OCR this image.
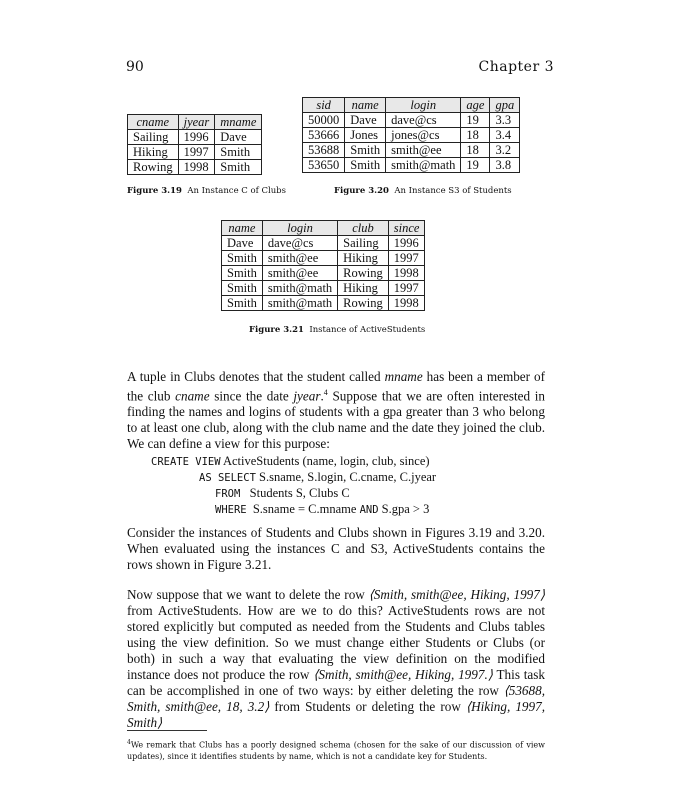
90	Chapter 3
cname	jyear	mname
Sailing	1996	Dave
Hiking	1997	Smith
Rowing	1998	Smith
Figure 3.19 An Instance C of Clubs
sid	name	login	age	gpa
50000	Dave	dave@cs	19	3.3
53666	Jones	jones@cs	18	3.4
53688	Smith	smith@ee	18	3.2
53650	Smith	smith@math	19	3.8
Figure 3.20 An Instance S3 of Students
name	login	club	since
Dave	dave@cs	Sailing	1996
Smith	smith@ee	Hiking	1997
Smith	smith@ee	Rowing	1998
Smith	smith@math	Hiking	1997
Smith	smith@math	Rowing	1998
Figure 3.21 Instance of ActiveStudents
A tuple in Clubs denotes that the student called mname has been a member of the club cname since the date jyear.$^4$ Suppose that we are often interested in finding the names and logins of students with a gpa greater than 3 who belong to at least one club, along with the club name and the date they joined the club. We can define a view for this purpose:
CREATE VIEW ActiveStudents (name, login, club, since)
AS SELECT S.sname, S.login, C.cname, C.jyear
FROM   Students S, Clubs C
WHERE  S.sname = C.mname AND S.gpa > 3
Consider the instances of Students and Clubs shown in Figures 3.19 and 3.20. When evaluated using the instances C and S3, ActiveStudents contains the rows shown in Figure 3.21.
Now suppose that we want to delete the row ⟨Smith, smith@ee, Hiking, 1997⟩ from ActiveStudents. How are we to do this? ActiveStudents rows are not stored explicitly but computed as needed from the Students and Clubs tables using the view definition. So we must change either Students or Clubs (or both) in such a way that evaluating the view definition on the modified instance does not produce the row ⟨Smith, smith@ee, Hiking, 1997.⟩ This task can be accomplished in one of two ways: by either deleting the row ⟨53688, Smith, smith@ee, 18, 3.2⟩ from Students or deleting the row ⟨Hiking, 1997, Smith⟩
$^4$We remark that Clubs has a poorly designed schema (chosen for the sake of our discussion of view updates), since it identifies students by name, which is not a candidate key for Students.
